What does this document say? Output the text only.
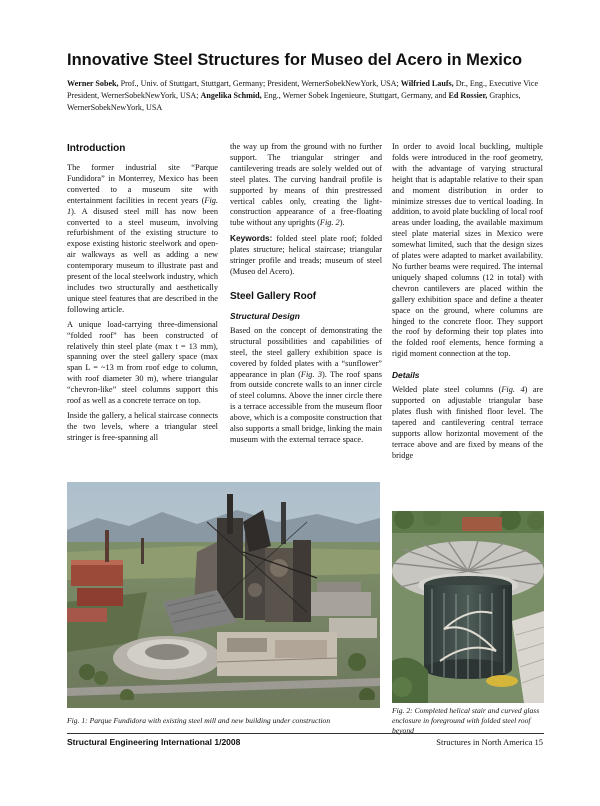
Innovative Steel Structures for Museo del Acero in Mexico
Werner Sobek, Prof., Univ. of Stuttgart, Stuttgart, Germany; President, WernerSobekNewYork, USA; Wilfried Laufs, Dr., Eng., Executive Vice President, WernerSobekNewYork, USA; Angelika Schmid, Eng., Werner Sobek Ingenieure, Stuttgart, Germany, and Ed Rossier, Graphics, WernerSobekNewYork, USA
Introduction

The former industrial site “Parque Fundidora” in Monterrey, Mexico has been converted to a museum site with entertainment facilities in recent years (Fig. 1). A disused steel mill has now been converted to a steel museum, involving refurbishment of the existing structure to expose existing historic steelwork and open-air walkways as well as adding a new contemporary museum to illustrate past and present of the local steelwork industry, which includes two structurally and aesthetically unique steel features that are described in the following article.

A unique load-carrying three-dimensional “folded roof” has been constructed of relatively thin steel plate (max t = 13 mm), spanning over the steel gallery space (max span L = ~13 m from roof edge to column, with roof diameter 30 m), where triangular “chevron-like” steel columns support this roof as well as a concrete terrace on top.

Inside the gallery, a helical staircase connects the two levels, where a triangular steel stringer is free-spanning all

the way up from the ground with no further support. The triangular stringer and cantilevering treads are solely welded out of steel plates. The curving handrail profile is supported by means of thin prestressed vertical cables only, creating the light-construction appearance of a free-floating tube without any uprights (Fig. 2).

Keywords: folded steel plate roof; folded plates structure; helical staircase; triangular stringer profile and treads; museum of steel (Museo del Acero).

Steel Gallery Roof
Structural Design

Based on the concept of demonstrating the structural possibilities and capabilities of steel, the steel gallery exhibition space is covered by folded plates with a “sunflower” appearance in plan (Fig. 3). The roof spans from outside concrete walls to an inner circle of steel columns. Above the inner circle there is a terrace accessible from the museum floor above, which is a composite construction that also supports a small bridge, linking the main museum with the external terrace space.

In order to avoid local buckling, multiple folds were introduced in the roof geometry, with the advantage of varying structural height that is adaptable relative to their span and moment distribution in order to minimize stresses due to vertical loading. In addition, to avoid plate buckling of local roof areas under loading, the available maximum steel plate material sizes in Mexico were somewhat limited, such that the design sizes of plates were adapted to market availability. No further beams were required. The internal uniquely shaped columns (12 in total) with chevron cantilevers are placed within the gallery exhibition space and define a theater space on the ground, where columns are hinged to the concrete floor. They support the roof by deforming their top plates into the folded roof elements, hence forming a rigid moment connection at the top.

Details

Welded plate steel columns (Fig. 4) are supported on adjustable triangular base plates flush with finished floor level. The tapered and cantilevering central terrace supports allow horizontal movement of the terrace above and are fixed by means of the bridge

Fig. 1: Parque Fundidora with existing steel mill and new building under construction
Fig. 2: Completed helical stair and curved glass enclosure in foreground with folded steel roof beyond
Structural Engineering International 1/2008	Structures in North America 15
